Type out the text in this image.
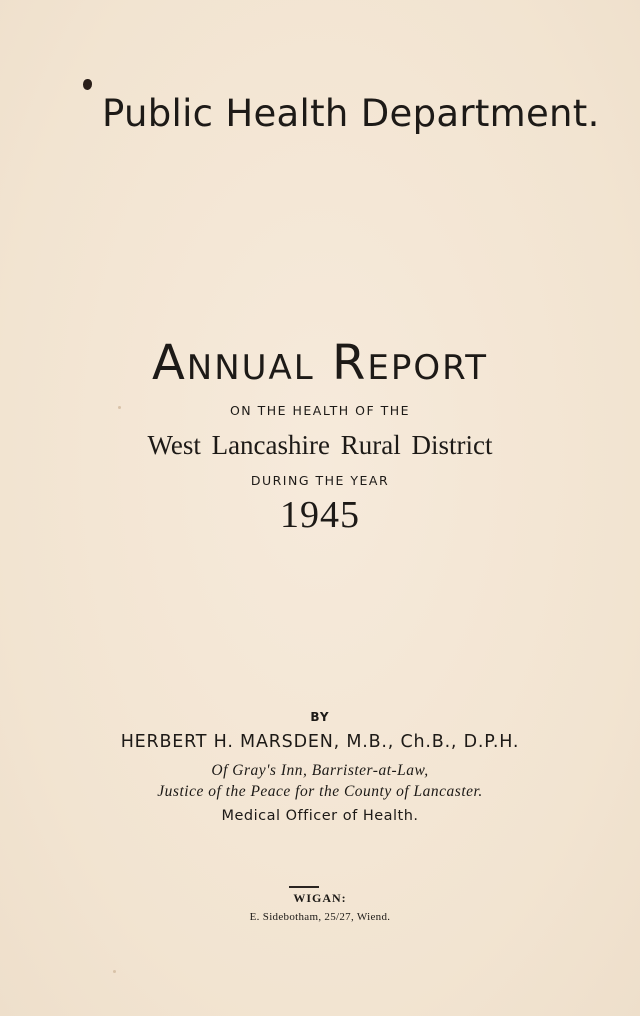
Public Health Department.
Annual Report
ON THE HEALTH OF THE
West Lancashire Rural District
DURING THE YEAR
1945
BY
HERBERT H. MARSDEN, M.B., Ch.B., D.P.H.
Of Gray's Inn, Barrister-at-Law,
Justice of the Peace for the County of Lancaster.
Medical Officer of Health.
WIGAN:
E. Sidebotham, 25/27, Wiend.
